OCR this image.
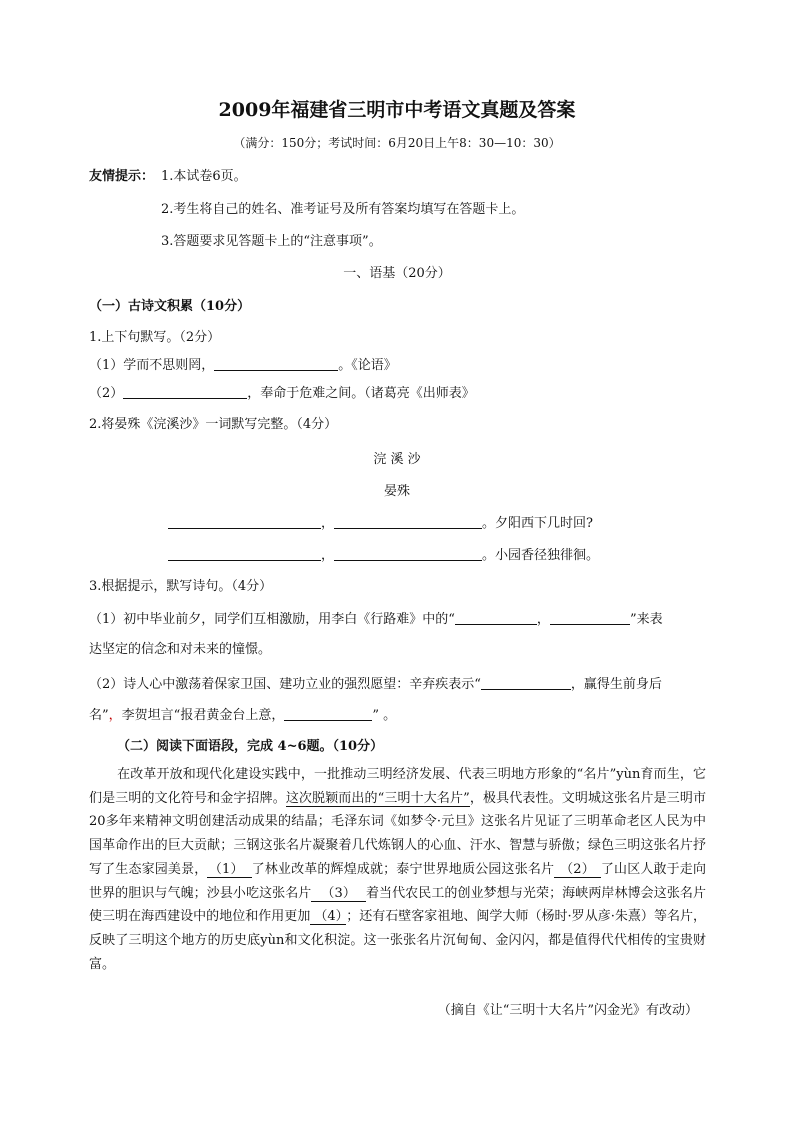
2009年福建省三明市中考语文真题及答案
（满分：150分；考试时间：6月20日上午8：30—10：30）
友情提示： 1.本试卷6页。
2.考生将自己的姓名、准考证号及所有答案均填写在答题卡上。
3.答题要求见答题卡上的“注意事项”。
一、语基（20分）
（一）古诗文积累（10分）
1.上下句默写。（2分）
（1）学而不思则罔，	。《论语》
（2）	，奉命于危难之间。（诸葛亮《出师表》
2.将晏殊《浣溪沙》一词默写完整。（4分）
浣 溪 沙
晏殊
，	。夕阳西下几时回?
，	。小园香径独徘徊。
3.根据提示，默写诗句。（4分）
（1）初中毕业前夕，同学们互相激励，用李白《行路难》中的“	，	”来表
达坚定的信念和对未来的憧憬。
（2）诗人心中激荡着保家卫国、建功立业的强烈愿望：辛弃疾表示“	，赢得生前身后
名”，李贺坦言“报君黄金台上意，	” 。
（二）阅读下面语段，完成 4~6题。（10分）
在改革开放和现代化建设实践中，一批推动三明经济发展、代表三明地方形象的“名片”yùn育而生，它们是三明的文化符号和金字招牌。这次脱颖而出的“三明十大名片”，极具代表性。文明城这张名片是三明市20多年来精神文明创建活动成果的结晶；毛泽东词《如梦令·元旦》这张名片见证了三明革命老区人民为中国革命作出的巨大贡献；三钢这张名片凝聚着几代炼钢人的心血、汗水、智慧与骄傲；绿色三明这张名片抒写了生态家园美景， （1） 了林业改革的辉煌成就；泰宁世界地质公园这张名片 （2） 了山区人敢于走向世界的胆识与气魄；沙县小吃这张名片 （3） 着当代农民工的创业梦想与光荣；海峡两岸林博会这张名片使三明在海西建设中的地位和作用更加 （4） ；还有石壁客家祖地、闽学大师（杨时·罗从彦·朱熹）等名片，反映了三明这个地方的历史底yùn和文化积淀。这一张张名片沉甸甸、金闪闪，都是值得代代相传的宝贵财富。
（摘自《让“三明十大名片”闪金光》有改动）
